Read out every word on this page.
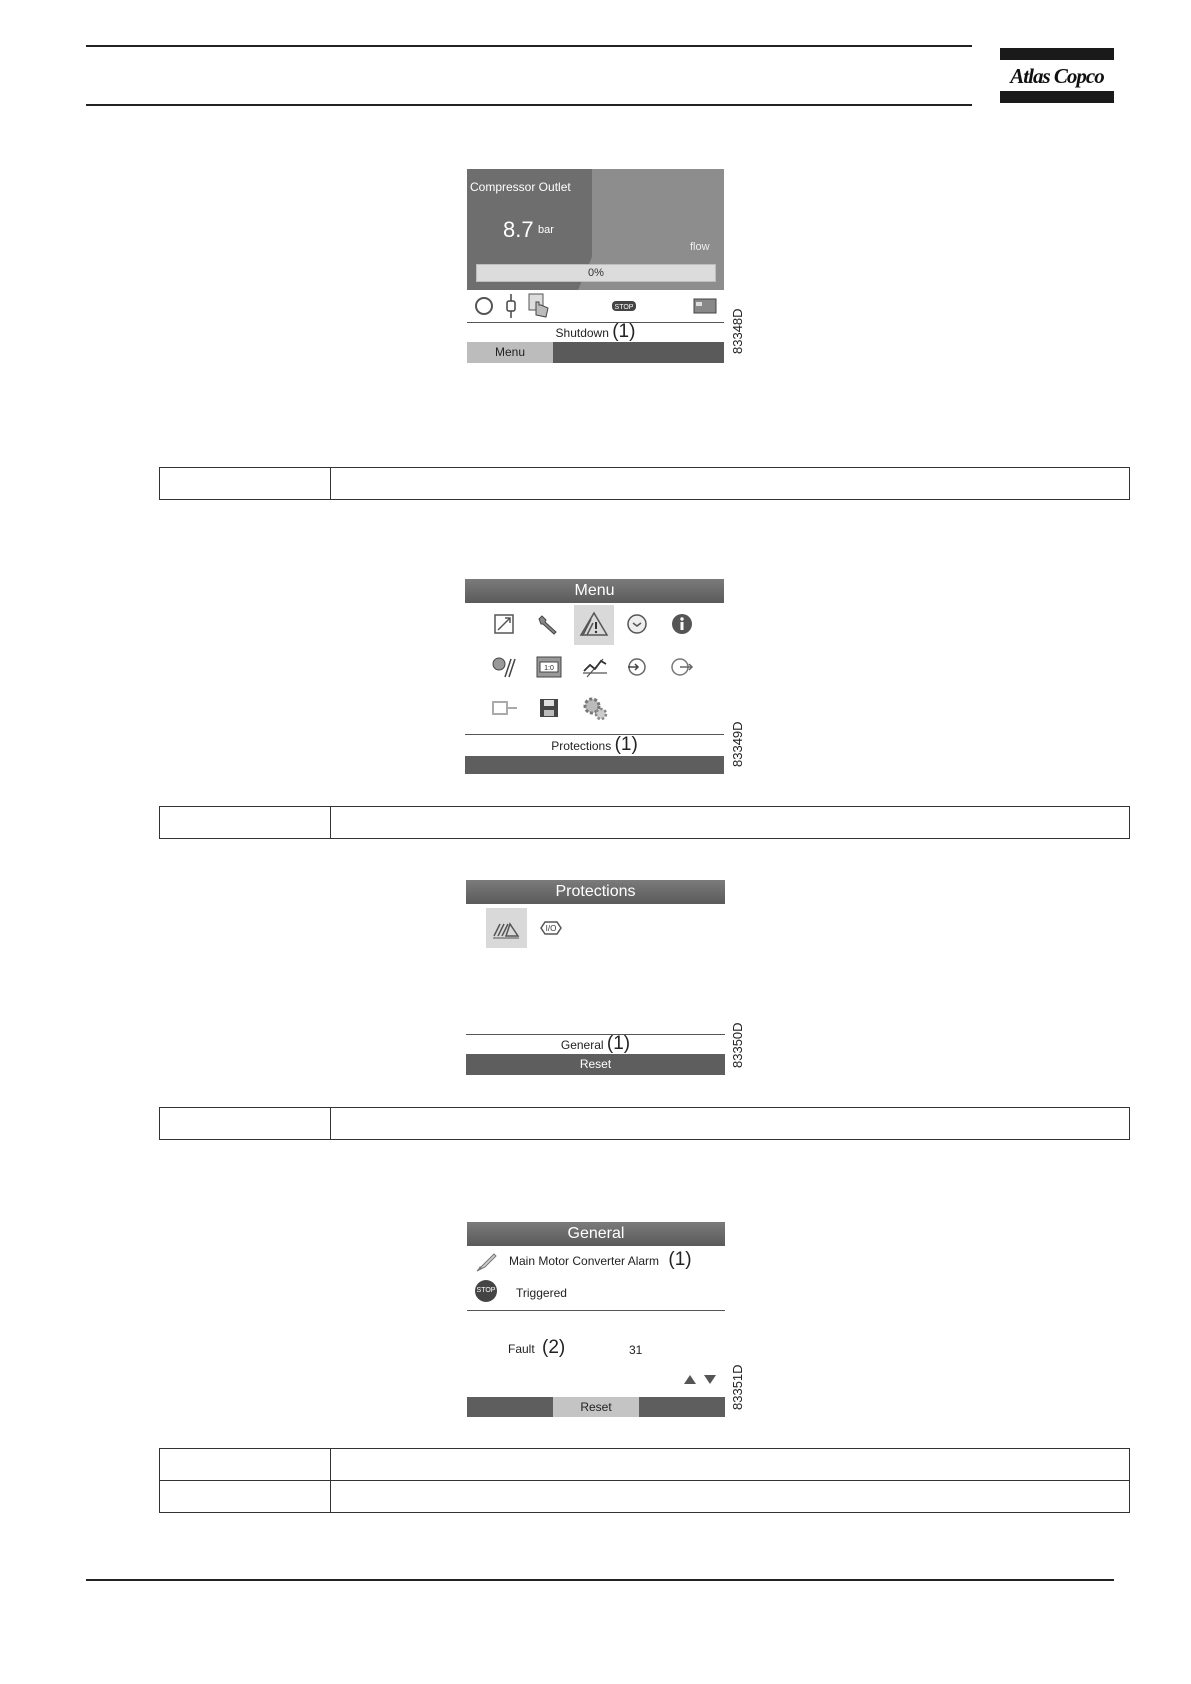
Atlas Copco
Compressor Outlet
8.7 bar
flow
0%
STOP
Shutdown (1)
Menu	83348D

Menu
1:0
Protections (1)	83349D

Protections
I/O
General (1)
Reset	83350D

General
Main Motor Converter Alarm (1)
STOP Triggered
Fault (2)	31
Reset	83351D
